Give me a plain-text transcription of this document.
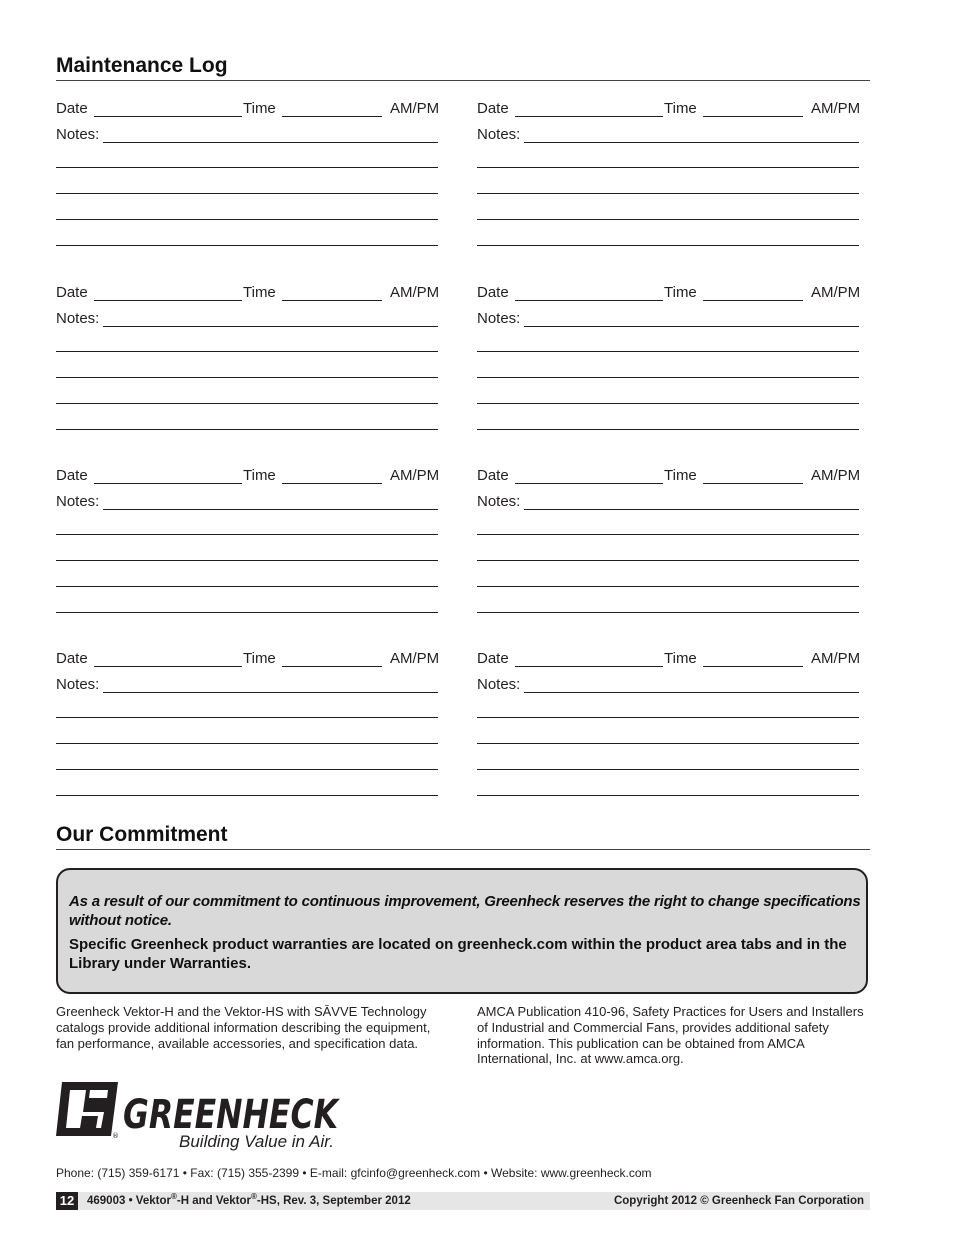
Maintenance Log
Date	Time	AM/PM
Notes:
Date	Time	AM/PM
Notes:
Date	Time	AM/PM
Notes:
Date	Time	AM/PM
Notes:
Date	Time	AM/PM
Notes:
Date	Time	AM/PM
Notes:
Date	Time	AM/PM
Notes:
Date	Time	AM/PM
Notes:
Our Commitment

As a result of our commitment to continuous improvement, Greenheck reserves the right to change specifications without notice.

Specific Greenheck product warranties are located on greenheck.com within the product area tabs and in the Library under Warranties.

Greenheck Vektor-H and the Vektor-HS with SĀVVE Technology catalogs provide additional information describing the equipment, fan performance, available accessories, and specification data.
AMCA Publication 410-96, Safety Practices for Users and Installers of Industrial and Commercial Fans, provides additional safety information. This publication can be obtained from AMCA International, Inc. at www.amca.org.
GREENHECK
®	Building Value in Air.
Phone: (715) 359-6171 • Fax: (715) 355-2399 • E-mail: gfcinfo@greenheck.com • Website: www.greenheck.com
12	469003 • Vektor®-H and Vektor®-HS, Rev. 3, September 2012	Copyright 2012 © Greenheck Fan Corporation
